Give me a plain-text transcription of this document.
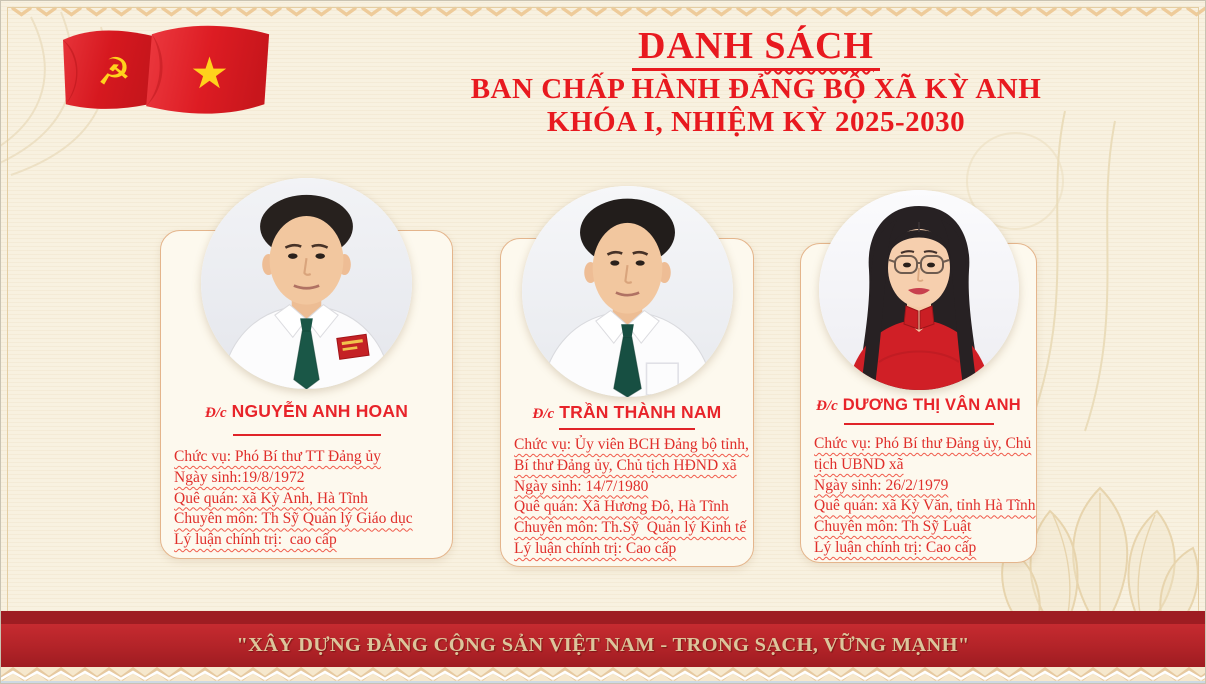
☭ ★
DANH SÁCH
BAN CHẤP HÀNH ĐẢNG BỘ XÃ KỲ ANH
KHÓA I, NHIỆM KỲ 2025-2030
Đ/c NGUYỄN ANH HOAN
Chức vụ: Phó Bí thư TT Đảng ủy
Ngày sinh:19/8/1972
Quê quán: xã Kỳ Anh, Hà Tĩnh
Chuyên môn: Th Sỹ Quản lý Giáo dục
Lý luận chính trị:  cao cấp
Đ/c TRẦN THÀNH NAM
Chức vụ: Ủy viên BCH Đảng bộ tỉnh,
Bí thư Đảng ủy, Chủ tịch HĐND xã
Ngày sinh: 14/7/1980
Quê quán: Xã Hương Đô, Hà Tĩnh
Chuyên môn: Th.Sỹ  Quản lý Kinh tế
Lý luận chính trị: Cao cấp
Đ/c DƯƠNG THỊ VÂN ANH
Chức vụ: Phó Bí thư Đảng ủy, Chủ
tịch UBND xã
Ngày sinh: 26/2/1979
Quê quán: xã Kỳ Văn, tỉnh Hà Tĩnh
Chuyên môn: Th Sỹ Luật
Lý luận chính trị: Cao cấp
"XÂY DỰNG ĐẢNG CỘNG SẢN VIỆT NAM - TRONG SẠCH, VỮNG MẠNH"
